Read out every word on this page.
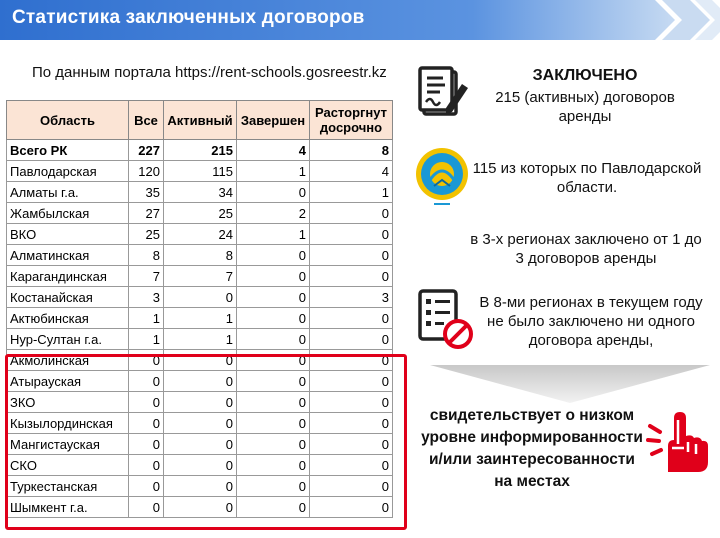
Статистика заключенных договоров
По данным портала https://rent-schools.gosreestr.kz
Область	Все	Активный	Завершен	Расторгнут досрочно
Всего РК	227	215	4	8
Павлодарская	120	115	1	4
Алматы г.а.	35	34	0	1
Жамбылская	27	25	2	0
ВКО	25	24	1	0
Алматинская	8	8	0	0
Карагандинская	7	7	0	0
Костанайская	3	0	0	3
Актюбинская	1	1	0	0
Нур-Султан г.а.	1	1	0	0
Акмолинская	0	0	0	0
Атырауская	0	0	0	0
ЗКО	0	0	0	0
Кызылординская	0	0	0	0
Мангистауская	0	0	0	0
СКО	0	0	0	0
Туркестанская	0	0	0	0
Шымкент г.а.	0	0	0	0
ЗАКЛЮЧЕНО
215 (активных) договоров аренды
115 из которых по Павлодарской области.
в 3-х регионах заключено от 1 до 3 договоров аренды
В 8-ми регионах в текущем году не было заключено ни одного договора аренды,
свидетельствует о низком уровне информированности и/или заинтересованности на местах
